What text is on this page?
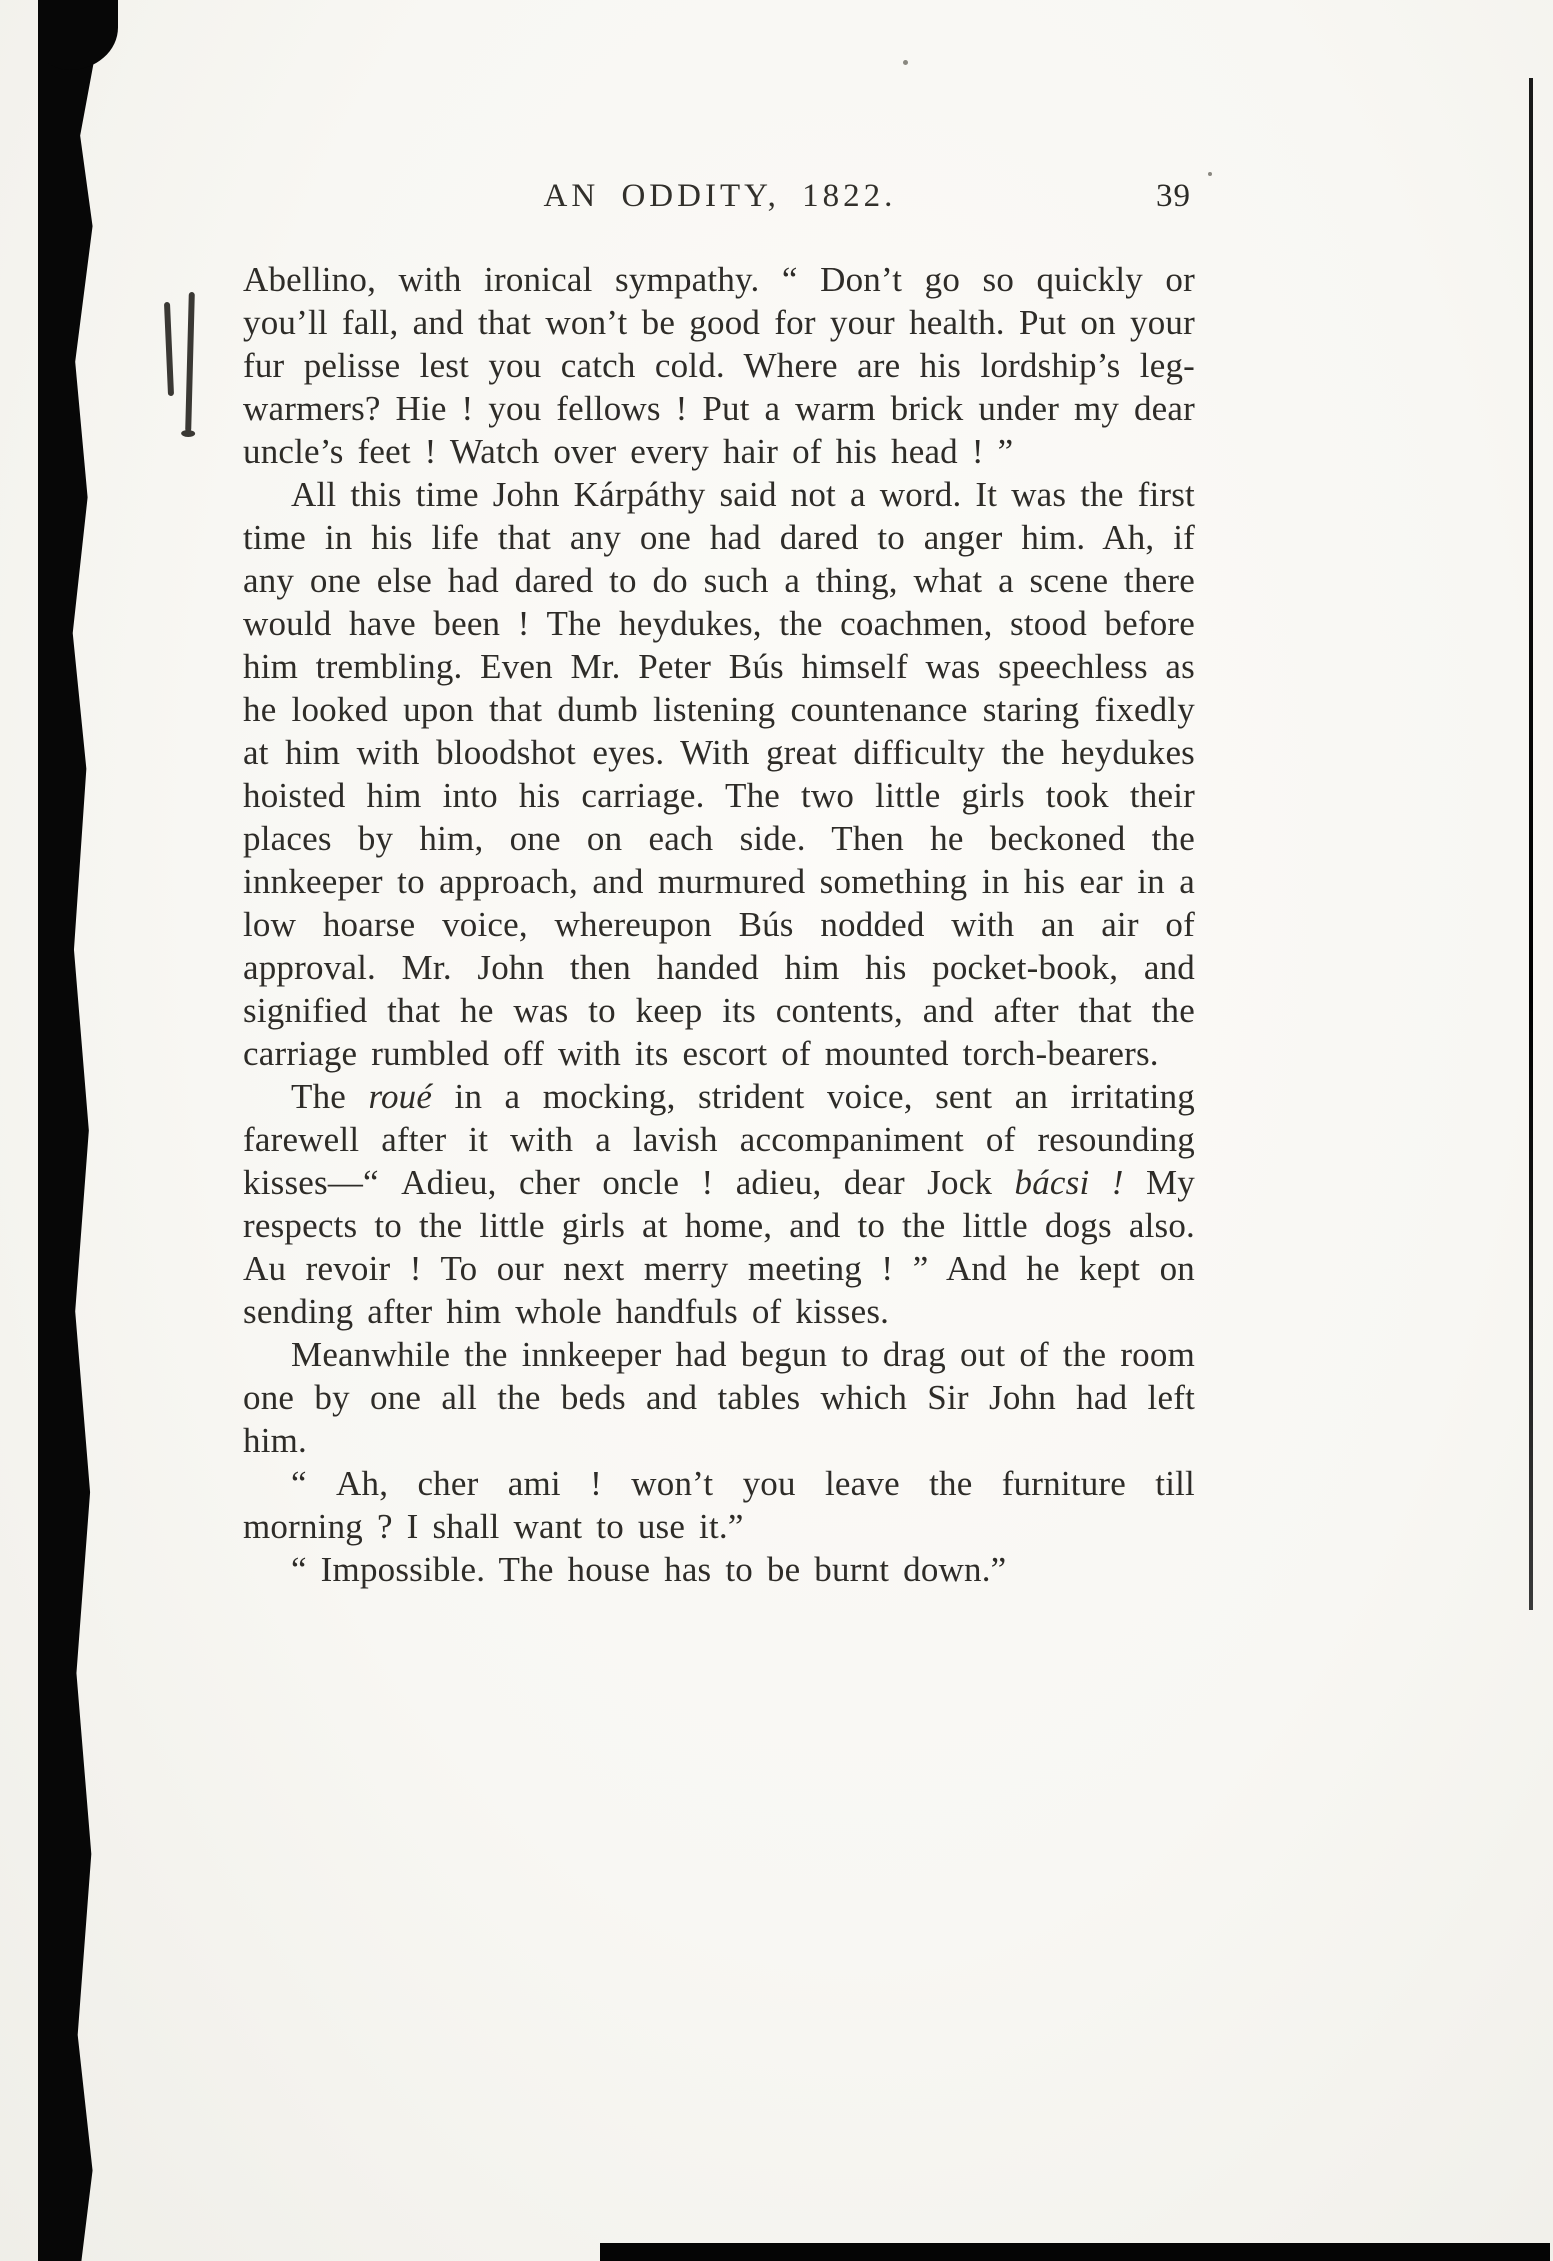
AN ODDITY, 1822.	39

Abellino, with ironical sympathy. “ Don’t go so quickly or you’ll fall, and that won’t be good for your health. Put on your fur pelisse lest you catch cold. Where are his lordship’s leg-warmers? Hie ! you fellows ! Put a warm brick under my dear uncle’s feet ! Watch over every hair of his head ! ”

All this time John Kárpáthy said not a word. It was the first time in his life that any one had dared to anger him. Ah, if any one else had dared to do such a thing, what a scene there would have been ! The heydukes, the coachmen, stood before him trembling. Even Mr. Peter Bús himself was speechless as he looked upon that dumb listening countenance staring fixedly at him with bloodshot eyes. With great difficulty the heydukes hoisted him into his carriage. The two little girls took their places by him, one on each side. Then he beckoned the innkeeper to approach, and murmured something in his ear in a low hoarse voice, whereupon Bús nodded with an air of approval. Mr. John then handed him his pocket-book, and signified that he was to keep its contents, and after that the carriage rumbled off with its escort of mounted torch-bearers.

The roué in a mocking, strident voice, sent an irritating farewell after it with a lavish accompaniment of resounding kisses—“ Adieu, cher oncle ! adieu, dear Jock bácsi ! My respects to the little girls at home, and to the little dogs also. Au revoir ! To our next merry meeting ! ” And he kept on sending after him whole handfuls of kisses.

Meanwhile the innkeeper had begun to drag out of the room one by one all the beds and tables which Sir John had left him.

“ Ah, cher ami ! won’t you leave the furniture till morning ? I shall want to use it.”

“ Impossible. The house has to be burnt down.”
